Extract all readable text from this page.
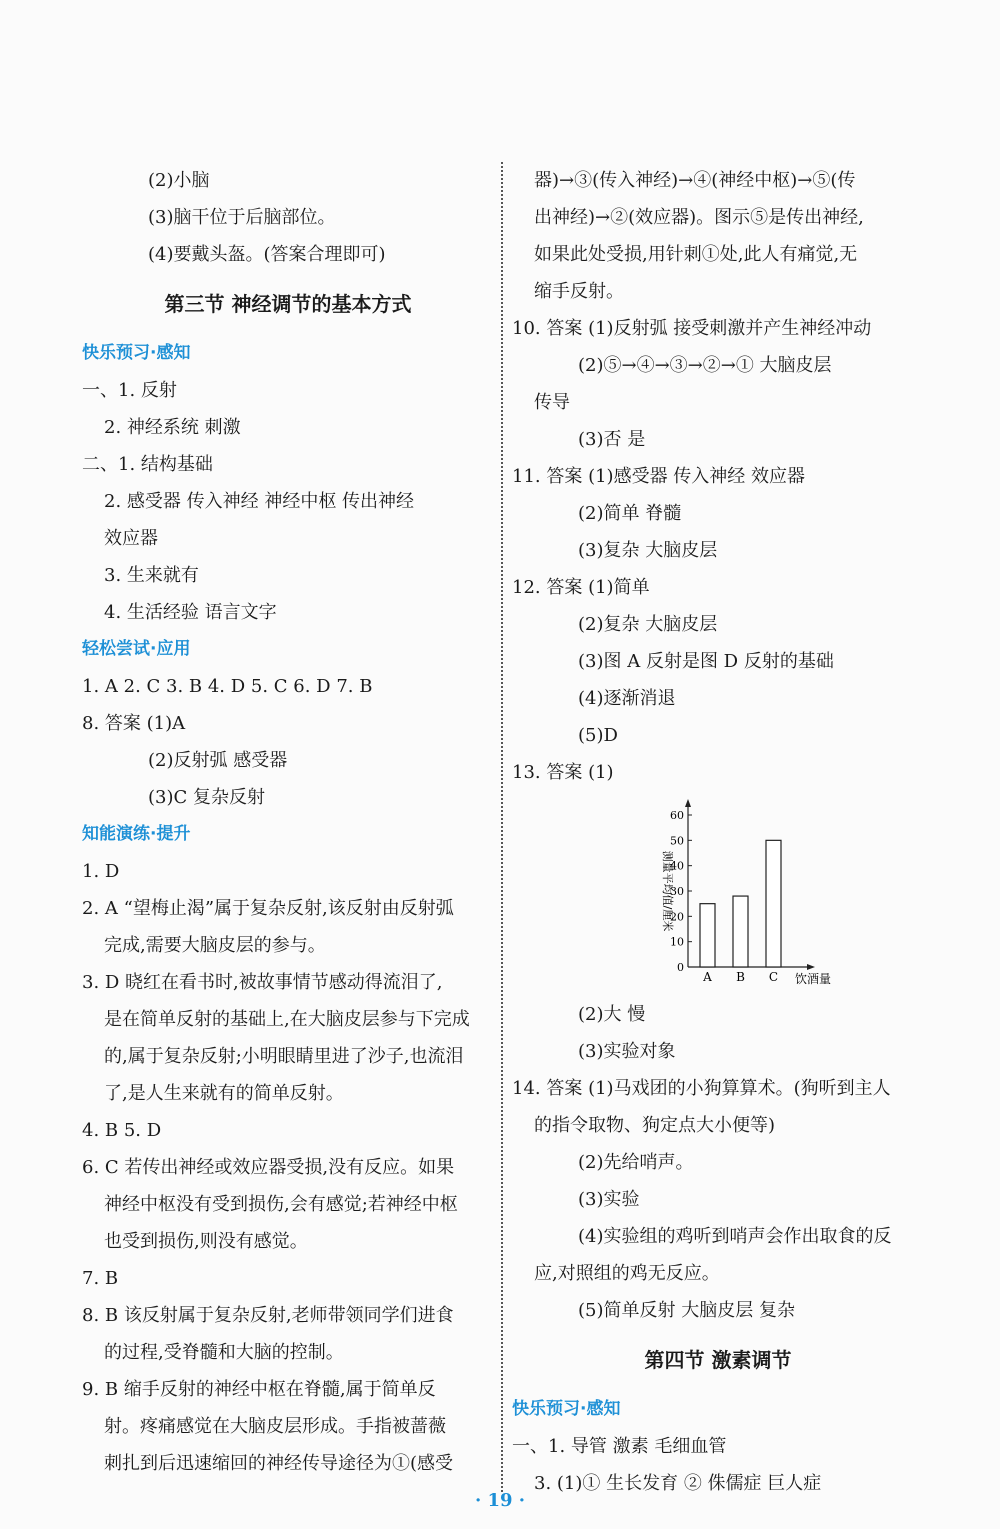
(2)小脑
(3)脑干位于后脑部位。
(4)要戴头盔。(答案合理即可)
第三节 神经调节的基本方式
快乐预习·感知
一、1. 反射
2. 神经系统 刺激
二、1. 结构基础
2. 感受器 传入神经 神经中枢 传出神经
效应器
3. 生来就有
4. 生活经验 语言文字
轻松尝试·应用
1. A 2. C 3. B 4. D 5. C 6. D 7. B
8. 答案 (1)A
(2)反射弧 感受器
(3)C 复杂反射
知能演练·提升
1. D
2. A “望梅止渴”属于复杂反射,该反射由反射弧
完成,需要大脑皮层的参与。
3. D 晓红在看书时,被故事情节感动得流泪了,
是在简单反射的基础上,在大脑皮层参与下完成
的,属于复杂反射;小明眼睛里进了沙子,也流泪
了,是人生来就有的简单反射。
4. B 5. D
6. C 若传出神经或效应器受损,没有反应。如果
神经中枢没有受到损伤,会有感觉;若神经中枢
也受到损伤,则没有感觉。
7. B
8. B 该反射属于复杂反射,老师带领同学们进食
的过程,受脊髓和大脑的控制。
9. B 缩手反射的神经中枢在脊髓,属于简单反
射。疼痛感觉在大脑皮层形成。手指被蔷薇
刺扎到后迅速缩回的神经传导途径为①(感受
器)→③(传入神经)→④(神经中枢)→⑤(传
出神经)→②(效应器)。图示⑤是传出神经,
如果此处受损,用针刺①处,此人有痛觉,无
缩手反射。
10. 答案 (1)反射弧 接受刺激并产生神经冲动
(2)⑤→④→③→②→① 大脑皮层
传导
(3)否 是
11. 答案 (1)感受器 传入神经 效应器
(2)简单 脊髓
(3)复杂 大脑皮层
12. 答案 (1)简单
(2)复杂 大脑皮层
(3)图 A 反射是图 D 反射的基础
(4)逐渐消退
(5)D
13. 答案 (1)
0
10
20
30
40
50
60
A B C 饮酒量
测量平均值/厘米
(2)大 慢
(3)实验对象
14. 答案 (1)马戏团的小狗算算术。(狗听到主人
的指令取物、狗定点大小便等)
(2)先给哨声。
(3)实验
(4)实验组的鸡听到哨声会作出取食的反
应,对照组的鸡无反应。
(5)简单反射 大脑皮层 复杂
第四节 激素调节
快乐预习·感知
一、1. 导管 激素 毛细血管
3. (1)① 生长发育 ② 侏儒症 巨人症
· 19 ·
